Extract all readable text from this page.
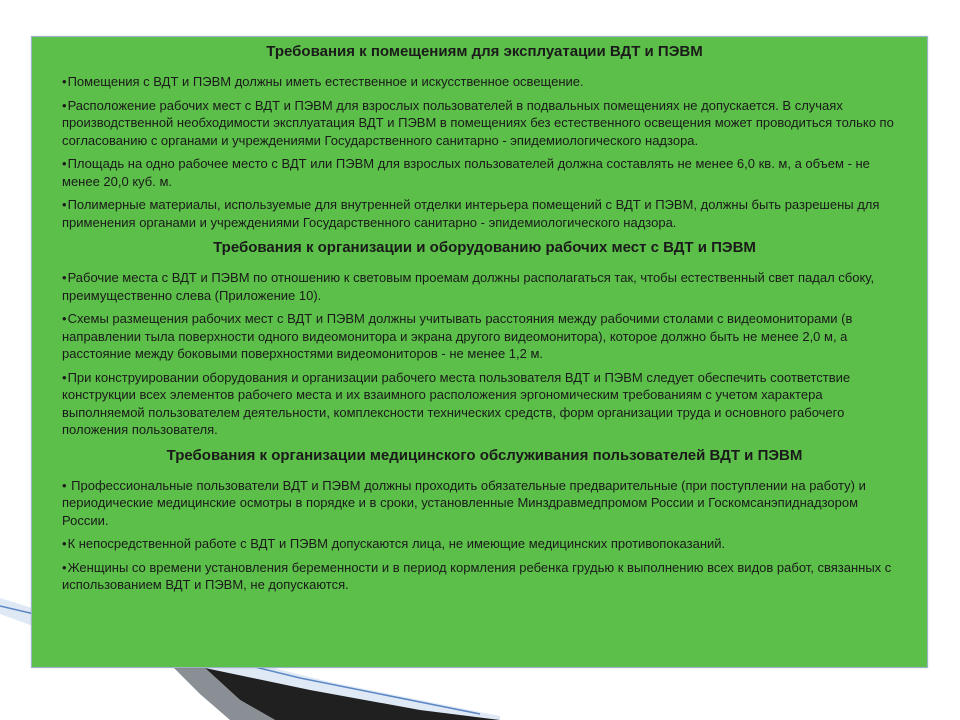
Требования к помещениям для эксплуатации ВДТ и ПЭВМ

•Помещения с ВДТ и ПЭВМ должны иметь естественное и искусственное освещение.

•Расположение рабочих мест с ВДТ и ПЭВМ для взрослых пользователей в подвальных помещениях не допускается. В случаях производственной необходимости эксплуатация ВДТ и ПЭВМ в помещениях без естественного освещения может проводиться только по согласованию с органами и учреждениями Государственного санитарно - эпидемиологического надзора.

•Площадь на одно рабочее место с ВДТ или ПЭВМ для взрослых пользователей должна составлять не менее 6,0 кв. м, а объем - не менее 20,0 куб. м.

•Полимерные материалы, используемые для внутренней отделки интерьера помещений с ВДТ и ПЭВМ, должны быть разрешены для применения органами и учреждениями Государственного санитарно - эпидемиологического надзора.

Требования к организации и оборудованию рабочих мест с ВДТ и ПЭВМ

•Рабочие места с ВДТ и ПЭВМ по отношению к световым проемам должны располагаться так, чтобы естественный свет падал сбоку, преимущественно слева (Приложение 10).

•Схемы размещения рабочих мест с ВДТ и ПЭВМ должны учитывать расстояния между рабочими столами с видеомониторами (в направлении тыла поверхности одного видеомонитора и экрана другого видеомонитора), которое должно быть не менее 2,0 м, а расстояние между боковыми поверхностями видеомониторов - не менее 1,2 м.

•При конструировании оборудования и организации рабочего места пользователя ВДТ и ПЭВМ следует обеспечить соответствие конструкции всех элементов рабочего места и их взаимного расположения эргономическим требованиям с учетом характера выполняемой пользователем деятельности, комплексности технических средств, форм организации труда и основного рабочего положения пользователя.

Требования к организации медицинского обслуживания пользователей ВДТ и ПЭВМ

• Профессиональные пользователи ВДТ и ПЭВМ должны проходить обязательные предварительные (при поступлении на работу) и периодические медицинские осмотры в порядке и в сроки, установленные Минздравмедпромом России и Госкомсанэпиднадзором России.

•К непосредственной работе с ВДТ и ПЭВМ допускаются лица, не имеющие медицинских противопоказаний.

•Женщины со времени установления беременности и в период кормления ребенка грудью к выполнению всех видов работ, связанных с использованием ВДТ и ПЭВМ, не допускаются.
